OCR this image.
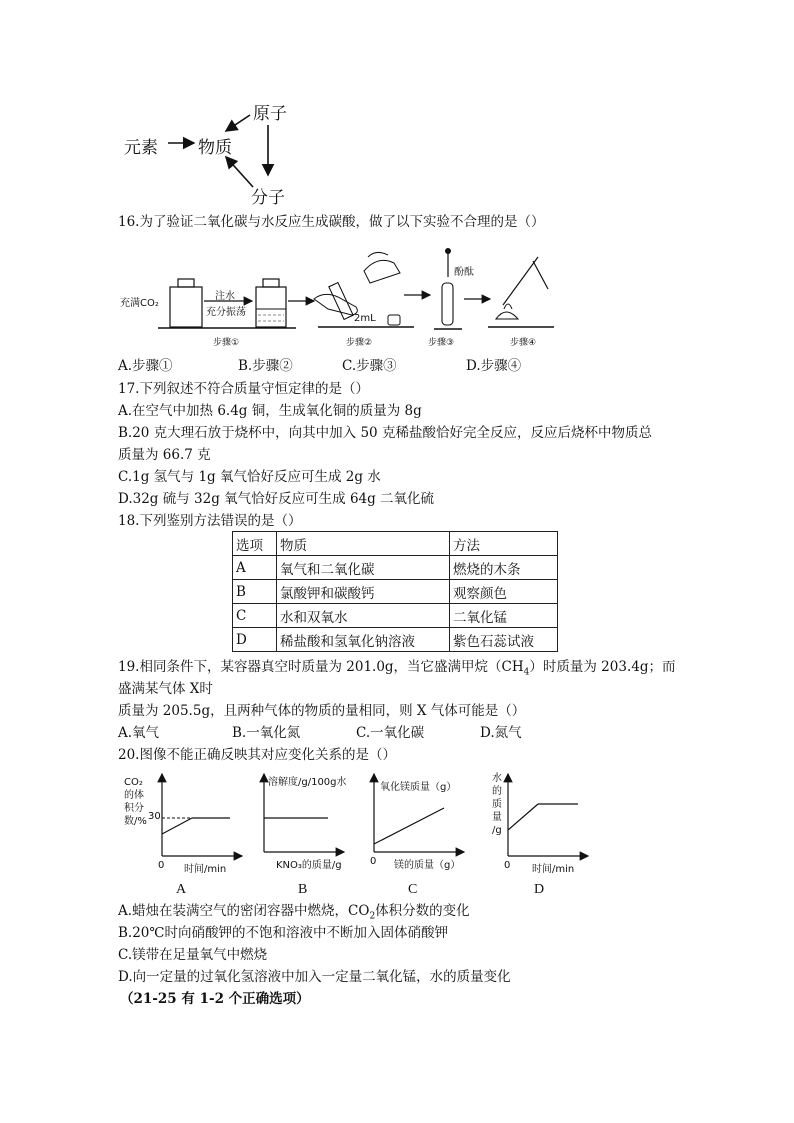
元素 物质
原子
分子
16.为了验证二氧化碳与水反应生成碳酸，做了以下实验不合理的是（）
充满CO₂
注水
充分振荡
2mL
酚酞
步骤①	步骤②	步骤③	步骤④
A.步骤①	B.步骤②	C.步骤③	D.步骤④
17.下列叙述不符合质量守恒定律的是（）
A.在空气中加热 6.4g 铜，生成氧化铜的质量为 8g
B.20 克大理石放于烧杯中，向其中加入 50 克稀盐酸恰好完全反应，反应后烧杯中物质总
质量为 66.7 克
C.1g 氢气与 1g 氧气恰好反应可生成 2g 水
D.32g 硫与 32g 氧气恰好反应可生成 64g 二氧化硫
18.下列鉴别方法错误的是（）
选项	物质	方法
A	氧气和二氧化碳	燃烧的木条
B	氯酸钾和碳酸钙	观察颜色
C	水和双氧水	二氧化锰
D	稀盐酸和氢氧化钠溶液	紫色石蕊试液
19.相同条件下，某容器真空时质量为 201.0g，当它盛满甲烷$(CH_4)$时质量为 203.4g；而
盛满某气体 X时
质量为 205.5g，且两种气体的物质的量相同，则 X 气体可能是（）
A.氧气	B.一氧化氮	C.一氧化碳	D.氮气
20.图像不能正确反映其对应变化关系的是（）
CO₂
的体
积分
数/% 30
0 时间/min
A
溶解度/g/100g水
KNO₃的质量/g
B
氧化镁质量（g）
0 镁的质量（g）
C
水
的
质
量
/g
0 时间/min
D
A.蜡烛在装满空气的密闭容器中燃烧，$CO_2$体积分数的变化
B.20℃时向硝酸钾的不饱和溶液中不断加入固体硝酸钾
C.镁带在足量氧气中燃烧
D.向一定量的过氧化氢溶液中加入一定量二氧化锰，水的质量变化
（21-25 有 1-2 个正确选项）
